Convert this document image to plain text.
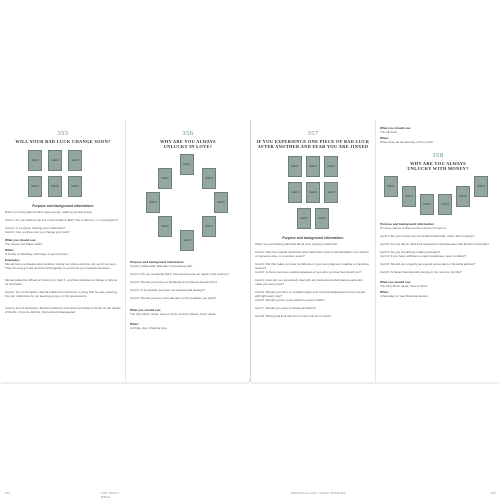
355
WILL YOUR BAD LUCK CHANGE SOON?
Card 1	Card 2	Card 3
Card 4	Card 5	Card 6
Purpose and background information:
When one thing after another goes wrong, making you feel jinxed.
Card 1: Do you believe you are in the hands of fate? You is this true, or a perception?
Card 2: Is it anyone causing your misfortune?
Card 3: Can you/how can you change your luck?
What you should use:
The twenty-two Major cards.
When:
A Friday or Saturday, both days of good fortune.
Examples:
Mei-lai had one disaster after another: losing her phone and the only set of car keys. Then the dog got sick and he had forgotten to renew the pet medical insurance.
Mei-lai pulled the Wheel of Fortune for Card 1, and that indicates a change is fortune for the better.
Card 2: Ten of Pentacles. Mei-lai realized he had been so busy that he was covering his own misfortune by not keeping an eye on his possessions.
Card 3: Ace of Pentacles. Mei-lai needed to slow down and keep a check on the details of his life. Once he did this, his bad luck disappeared.
162	THE TAROT BIBLE
356
WHY ARE YOU ALWAYS
UNLUCKY IN LOVE?
Card 1
Card 2	Card 3
Card 4	Card 5
Card 6	Card 7
Card 8
Purpose and background information:
If every relationship fails after a promising start.
Card 1: Do you constantly fall in love and become an apple in the journey?
Card 2: Should you focus on friendship and shared interests first?
Card 3: Is it possible you have not resolved old feelings?
Card 4: Should you pay more attention to the qualities you want?
What you should use:
The forty Minor cards, Aces to Tens, and the sixteen Court cards.
When:
A Friday, day of lasting love.
357
IF YOU EXPERIENCE ONE PIECE OF BAD LUCK
AFTER ANOTHER AND FEAR YOU ARE JINXED
Card 1	Card 2	Card 3
Card 4	Card 5	Card 6
Card 7	Card 8
Purpose and background information:
When you are feeling paranoid about your ongoing misfortune.
Card 1: Was the original misfortune that started the cycle a miscalculation, the actions of someone else, or a random event?
Card 2: Did that make you lose confidence in your own judgment, leading to impulsive actions?
Card 3: Is there someone malicious/jealous of you who you fear has jinxed you?
Card 4: How can you proactively deal with any detractors/unfortunate people who make you feel jinxed?
Card 5: Should you carry a crystal/smudge your home/workplace/surround yourself with light every day?
Card 6: Should you be more tactful to avoid conflict?
Card 7: Should you seek professional advice?
Card 8: What good luck will come in the next six months?
PERSONAL LIFE TOUCH SPREADS
What you should use:
The full deck.
When:
When seen as the last day of the month.
358
WHY ARE YOU ALWAYS
UNLUCKY WITH MONEY?
Card 1
Card 2
Card 3	Card 4
Card 5
Card 6
Purpose and background information:
If money seems to flow out the minute it comes in.
Card 1: Are you simply over-committed financially, rather than unlucky?
Card 2: Do you fall for hard-luck stories/your spontaneous with friends and family?
Card 3: Do you impulsively make purchases?
Card 4: If you have sufficient a major loss/losses, was it unlikely?
Card 5: Should you urgently get a good accountant or financial advisor?
Card 6: Is better financial luck coming in the next six months?
What you should use:
The forty Minor cards, Aces to Tens.
When:
A Saturday for new financial caution.
163
